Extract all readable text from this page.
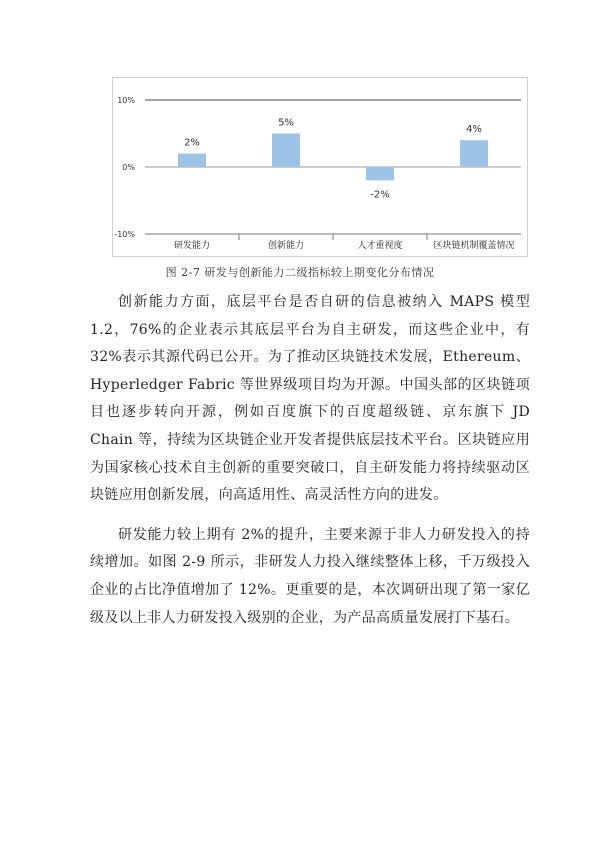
10%
0%
-10%
2%
研发能力
5%
创新能力
-2%
人才重视度
4%
区块链机制覆盖情况
图 2-7 研发与创新能力二级指标较上期变化分布情况

创新能力方面，底层平台是否自研的信息被纳入 MAPS 模型 1.2，76%的企业表示其底层平台为自主研发，而这些企业中，有 32%表示其源代码已公开。为了推动区块链技术发展，Ethereum、Hyperledger Fabric 等世界级项目均为开源。中国头部的区块链项目也逐步转向开源，例如百度旗下的百度超级链、京东旗下 JD Chain 等，持续为区块链企业开发者提供底层技术平台。区块链应用为国家核心技术自主创新的重要突破口，自主研发能力将持续驱动区块链应用创新发展，向高适用性、高灵活性方向的进发。

研发能力较上期有 2%的提升，主要来源于非人力研发投入的持续增加。如图 2-9 所示，非研发人力投入继续整体上移，千万级投入企业的占比净值增加了 12%。更重要的是，本次调研出现了第一家亿级及以上非人力研发投入级别的企业，为产品高质量发展打下基石。
